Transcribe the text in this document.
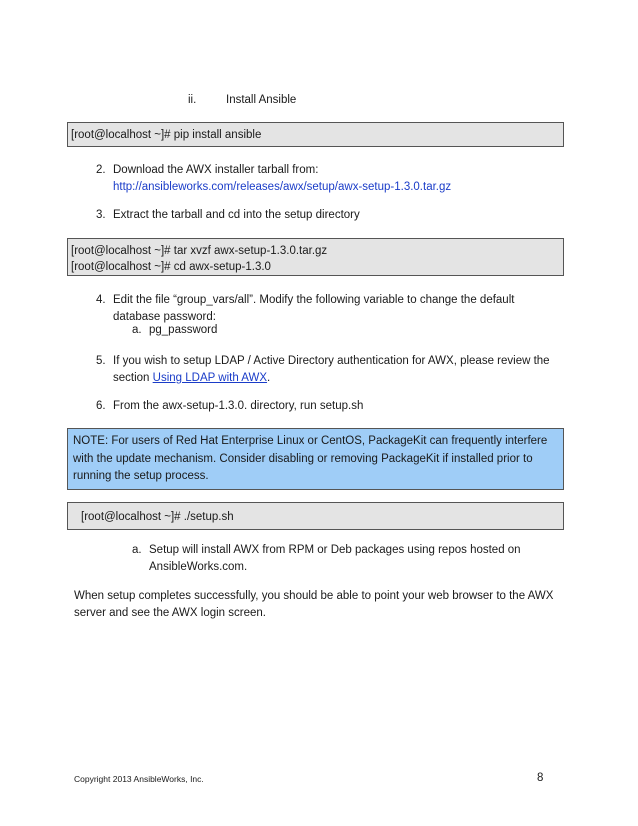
ii.	Install Ansible
[root@localhost ~]# pip install ansible
2. Download the AWX installer tarball from:
http://ansibleworks.com/releases/awx/setup/awx-setup-1.3.0.tar.gz
3. Extract the tarball and cd into the setup directory
[root@localhost ~]# tar xvzf awx-setup-1.3.0.tar.gz
[root@localhost ~]# cd awx-setup-1.3.0
4. Edit the file “group_vars/all”. Modify the following variable to change the default
database password:
a. pg_password
5. If you wish to setup LDAP / Active Directory authentication for AWX, please review the
section Using LDAP with AWX.
6. From the awx-setup-1.3.0. directory, run setup.sh
NOTE: For users of Red Hat Enterprise Linux or CentOS, PackageKit can frequently interfere
with the update mechanism. Consider disabling or removing PackageKit if installed prior to
running the setup process.
[root@localhost ~]# ./setup.sh
a. Setup will install AWX from RPM or Deb packages using repos hosted on
AnsibleWorks.com.
When setup completes successfully, you should be able to point your web browser to the AWX
server and see the AWX login screen.
Copyright 2013 AnsibleWorks, Inc.	8
